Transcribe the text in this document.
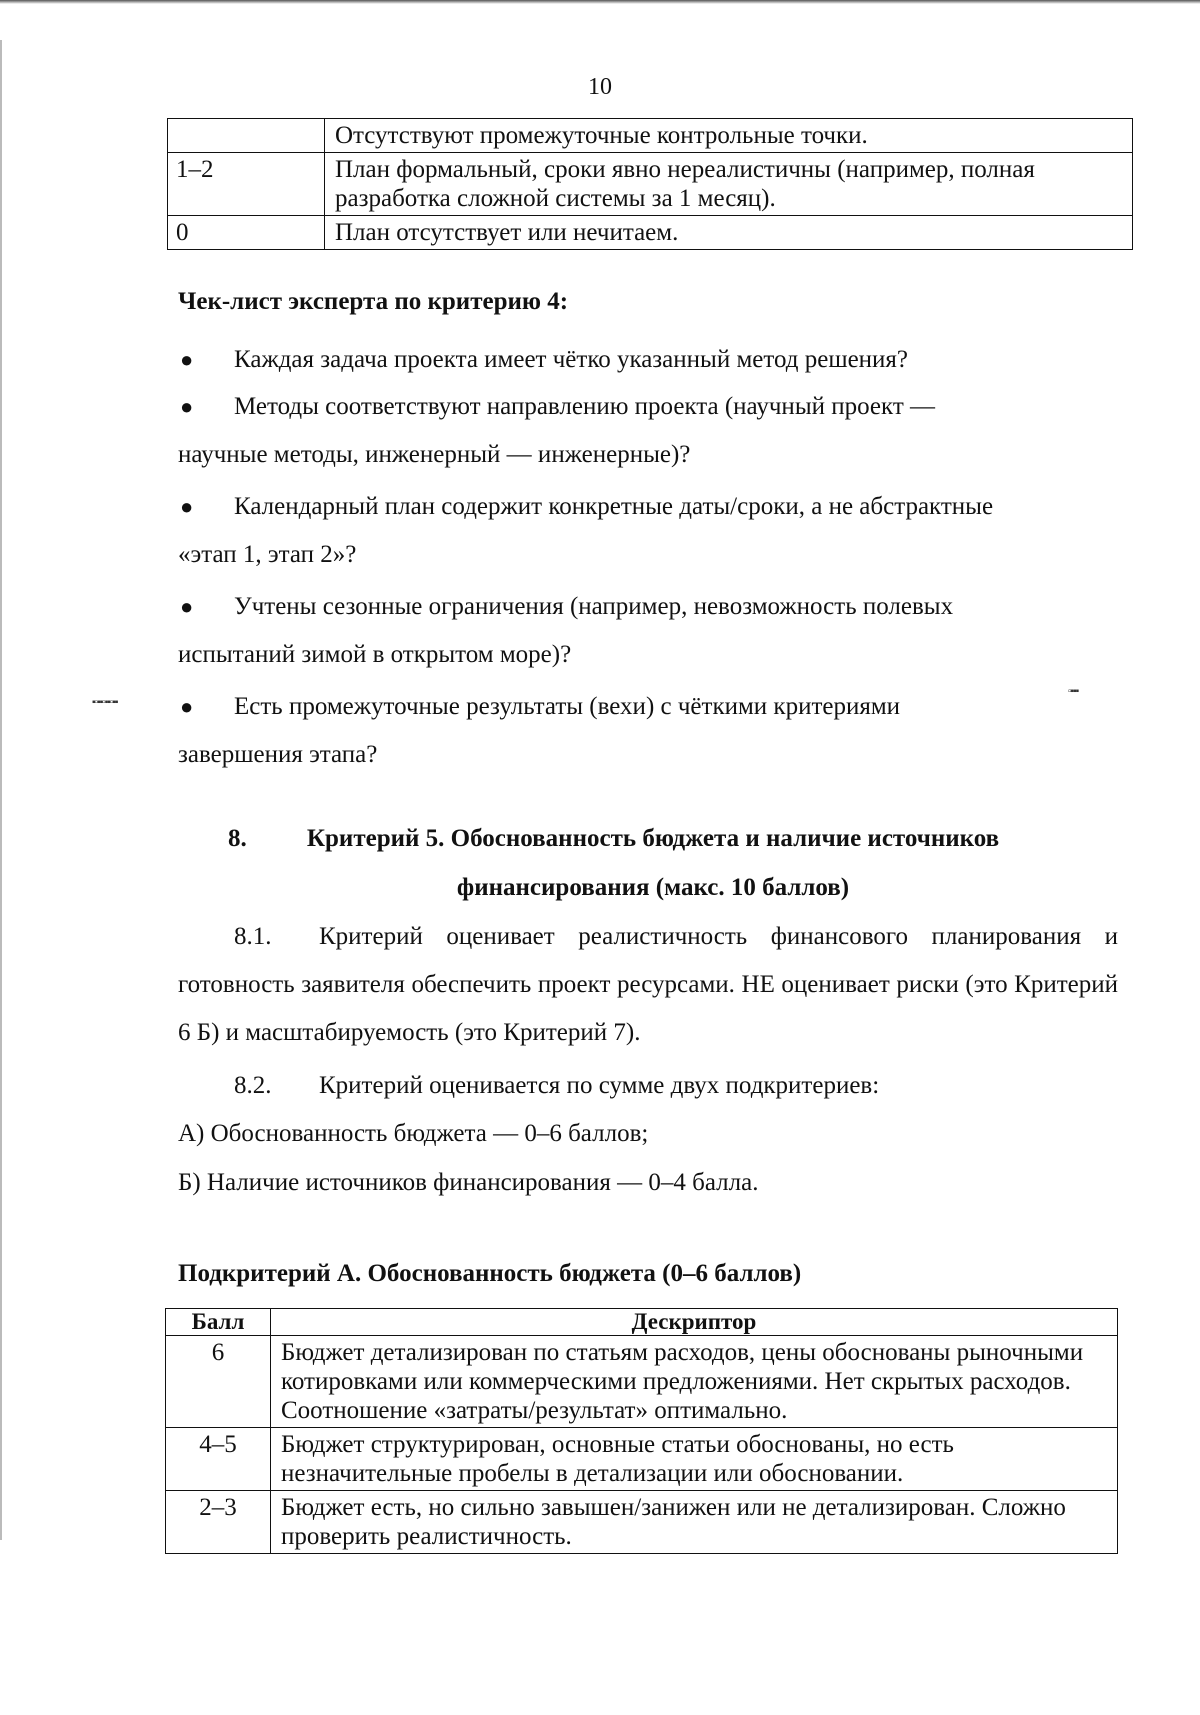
10
	Отсутствуют промежуточные контрольные точки.
1–2	План формальный, сроки явно нереалистичны (например, полная разработка сложной системы за 1 месяц).
0	План отсутствует или нечитаем.
Чек-лист эксперта по критерию 4:
●	Каждая задача проекта имеет чётко указанный метод решения?
●	Методы соответствуют направлению проекта (научный проект —
научные методы, инженерный — инженерные)?
●	Календарный план содержит конкретные даты/сроки, а не абстрактные
«этап 1, этап 2»?
●	Учтены сезонные ограничения (например, невозможность полевых
испытаний зимой в открытом море)?
●	Есть промежуточные результаты (вехи) с чёткими критериями
завершения этапа?
▪▫▪▪▫▪▪▫▪▪
▫▪▪▪
8. Критерий 5. Обоснованность бюджета и наличие источников
финансирования (макс. 10 баллов)
8.1. Критерий оценивает реалистичность финансового планирования и готовность заявителя обеспечить проект ресурсами. НЕ оценивает риски (это Критерий 6 Б) и масштабируемость (это Критерий 7).
8.2. Критерий оценивается по сумме двух подкритериев:
А) Обоснованность бюджета — 0–6 баллов;
Б) Наличие источников финансирования — 0–4 балла.
Подкритерий А. Обоснованность бюджета (0–6 баллов)
Балл	Дескриптор
6	Бюджет детализирован по статьям расходов, цены обоснованы рыночными котировками или коммерческими предложениями. Нет скрытых расходов. Соотношение «затраты/результат» оптимально.
4–5	Бюджет структурирован, основные статьи обоснованы, но есть незначительные пробелы в детализации или обосновании.
2–3	Бюджет есть, но сильно завышен/занижен или не детализирован. Сложно проверить реалистичность.
